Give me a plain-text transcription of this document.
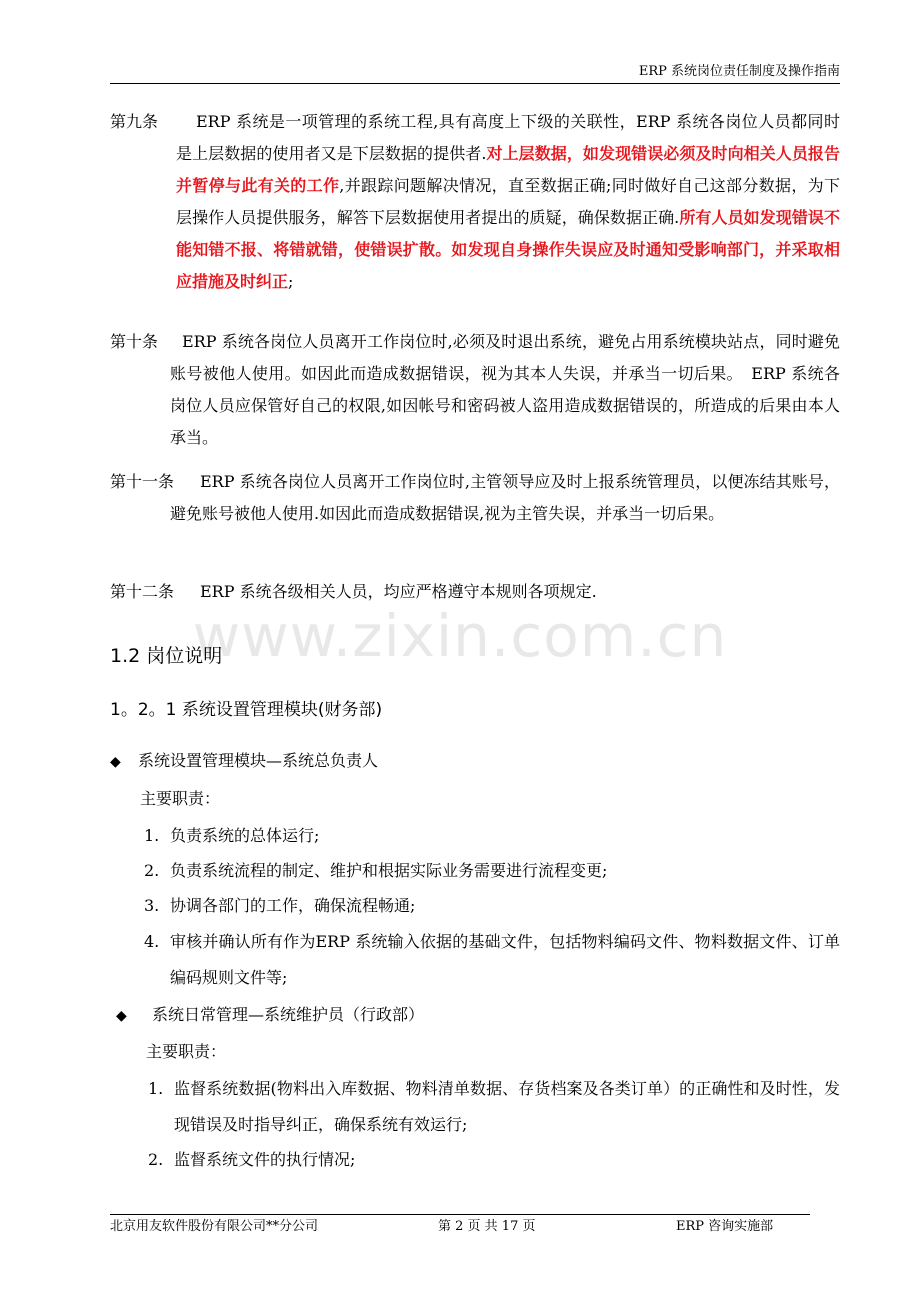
ERP 系统岗位责任制度及操作指南
第九条	ERP 系统是一项管理的系统工程,具有高度上下级的关联性，ERP 系统各岗位人员都同时是上层数据的使用者又是下层数据的提供者.对上层数据，如发现错误必须及时向相关人员报告并暂停与此有关的工作,并跟踪问题解决情况，直至数据正确;同时做好自己这部分数据，为下层操作人员提供服务，解答下层数据使用者提出的质疑，确保数据正确.所有人员如发现错误不能知错不报、将错就错，使错误扩散。如发现自身操作失误应及时通知受影响部门，并采取相应措施及时纠正;
第十条	ERP 系统各岗位人员离开工作岗位时,必须及时退出系统，避免占用系统模块站点，同时避免账号被他人使用。如因此而造成数据错误，视为其本人失误，并承当一切后果。　ERP 系统各岗位人员应保管好自己的权限,如因帐号和密码被人盗用造成数据错误的，所造成的后果由本人承当。
第十一条	ERP 系统各岗位人员离开工作岗位时,主管领导应及时上报系统管理员，以便冻结其账号，避免账号被他人使用.如因此而造成数据错误,视为主管失误，并承当一切后果。
第十二条	ERP 系统各级相关人员，均应严格遵守本规则各项规定.
www.zixin.com.cn
1.2 岗位说明
1。2。1 系统设置管理模块(财务部)
◆ 系统设置管理模块—系统总负责人
主要职责：
1. 负责系统的总体运行;
2. 负责系统流程的制定、维护和根据实际业务需要进行流程变更;
3. 协调各部门的工作，确保流程畅通;
4. 审核并确认所有作为ERP 系统输入依据的基础文件，包括物料编码文件、物料数据文件、订单编码规则文件等;
◆ 系统日常管理—系统维护员（行政部）
主要职责：
1. 监督系统数据(物料出入库数据、物料清单数据、存货档案及各类订单）的正确性和及时性，发现错误及时指导纠正，确保系统有效运行;
2. 监督系统文件的执行情况;
北京用友软件股份有限公司**分公司	第 2 页 共 17 页	ERP 咨询实施部
